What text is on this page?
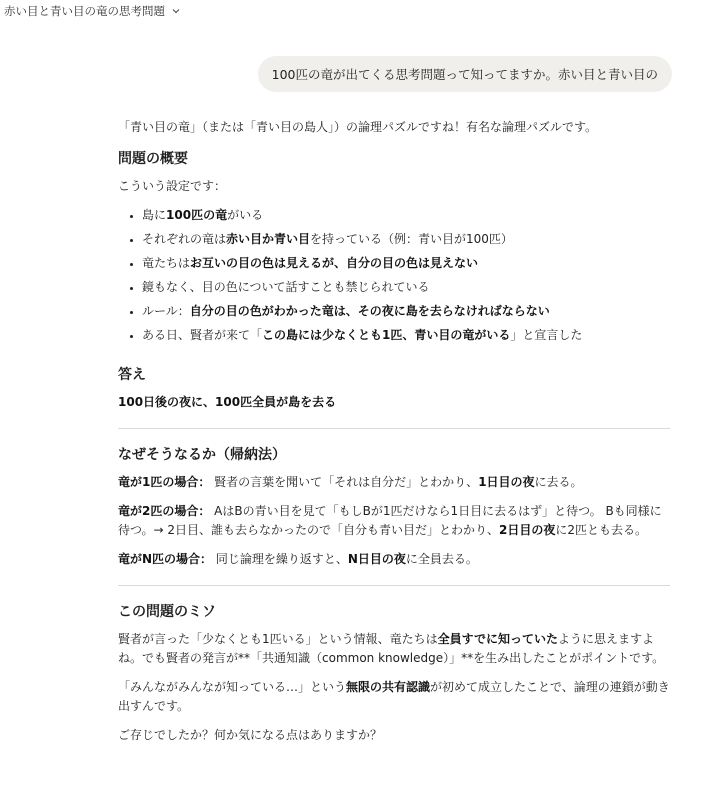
赤い目と青い目の竜の思考問題
100匹の竜が出てくる思考問題って知ってますか。赤い目と青い目の

「青い目の竜」（または「青い目の島人」）の論理パズルですね！有名な論理パズルです。

問題の概要

こういう設定です：

• 島に100匹の竜がいる
• それぞれの竜は赤い目か青い目を持っている（例：青い目が100匹）
• 竜たちはお互いの目の色は見えるが、自分の目の色は見えない
• 鏡もなく、目の色について話すことも禁じられている
• ルール：自分の目の色がわかった竜は、その夜に島を去らなければならない
• ある日、賢者が来て「この島には少なくとも1匹、青い目の竜がいる」と宣言した
答え

100日後の夜に、100匹全員が島を去る

なぜそうなるか（帰納法）

竜が1匹の場合： 賢者の言葉を聞いて「それは自分だ」とわかり、1日目の夜に去る。

竜が2匹の場合： AはBの青い目を見て「もしBが1匹だけなら1日目に去るはず」と待つ。 Bも同様に待つ。→ 2日目、誰も去らなかったので「自分も青い目だ」とわかり、2日目の夜に2匹とも去る。

竜がN匹の場合： 同じ論理を繰り返すと、N日目の夜に全員去る。

この問題のミソ

賢者が言った「少なくとも1匹いる」という情報、竜たちは全員すでに知っていたように思えますよね。でも賢者の発言が**「共通知識（common knowledge）」**を生み出したことがポイントです。

「みんながみんなが知っている…」という無限の共有認識が初めて成立したことで、論理の連鎖が動き出すんです。

ご存じでしたか？何か気になる点はありますか？
